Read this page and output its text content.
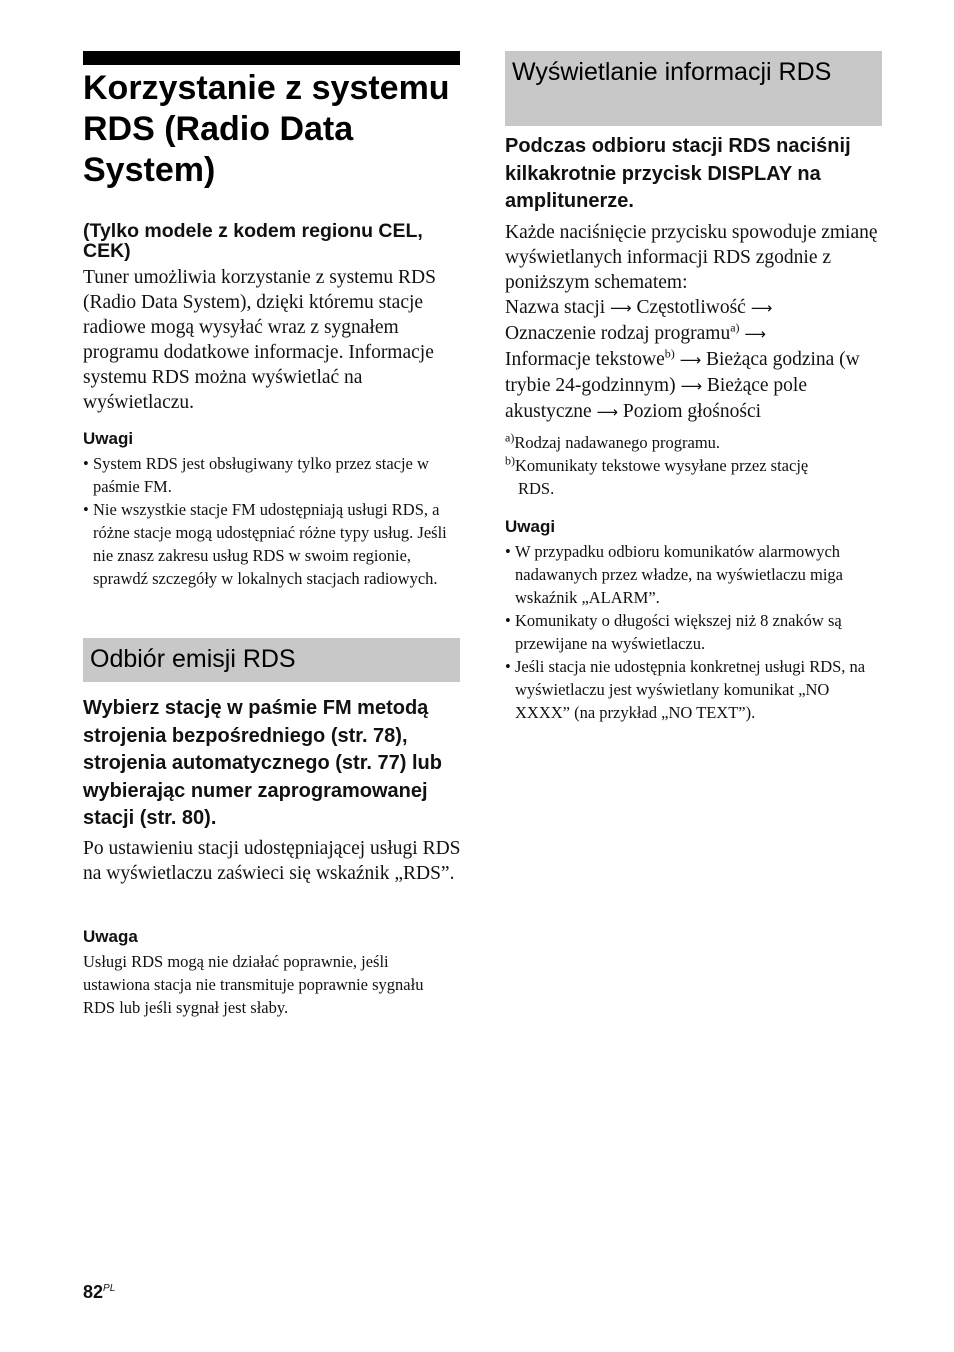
Korzystanie z systemu RDS (Radio Data System)
(Tylko modele z kodem regionu CEL, CEK)

Tuner umożliwia korzystanie z systemu RDS (Radio Data System), dzięki któremu stacje radiowe mogą wysyłać wraz z sygnałem programu dodatkowe informacje. Informacje systemu RDS można wyświetlać na wyświetlaczu.

Uwagi
• System RDS jest obsługiwany tylko przez stacje w paśmie FM.
• Nie wszystkie stacje FM udostępniają usługi RDS, a różne stacje mogą udostępniać różne typy usług. Jeśli nie znasz zakresu usług RDS w swoim regionie, sprawdź szczegóły w lokalnych stacjach radiowych.
Odbiór emisji RDS

Wybierz stację w paśmie FM metodą strojenia bezpośredniego (str. 78), strojenia automatycznego (str. 77) lub wybierając numer zaprogramowanej stacji (str. 80).

Po ustawieniu stacji udostępniającej usługi RDS na wyświetlaczu zaświeci się wskaźnik „RDS”.

Uwaga

Usługi RDS mogą nie działać poprawnie, jeśli ustawiona stacja nie transmituje poprawnie sygnału RDS lub jeśli sygnał jest słaby.

Wyświetlanie informacji RDS

Podczas odbioru stacji RDS naciśnij kilkakrotnie przycisk DISPLAY na amplitunerze.

Każde naciśnięcie przycisku spowoduje zmianę wyświetlanych informacji RDS zgodnie z poniższym schematem:
Nazwa stacji ⟶ Częstotliwość ⟶
Oznaczenie rodzaj programu$^{a)}$ ⟶
Informacje tekstowe$^{b)}$ ⟶ Bieżąca godzina (w trybie 24-godzinnym) ⟶ Bieżące pole akustyczne ⟶ Poziom głośności
$^{a)}$Rodzaj nadawanego programu.
$^{b)}$Komunikaty tekstowe wysyłane przez stację
RDS.
Uwagi
• W przypadku odbioru komunikatów alarmowych nadawanych przez władze, na wyświetlaczu miga wskaźnik „ALARM”.
• Komunikaty o długości większej niż 8 znaków są przewijane na wyświetlaczu.
• Jeśli stacja nie udostępnia konkretnej usługi RDS, na wyświetlaczu jest wyświetlany komunikat „NO XXXX” (na przykład „NO TEXT”).
$82^{PL}$
